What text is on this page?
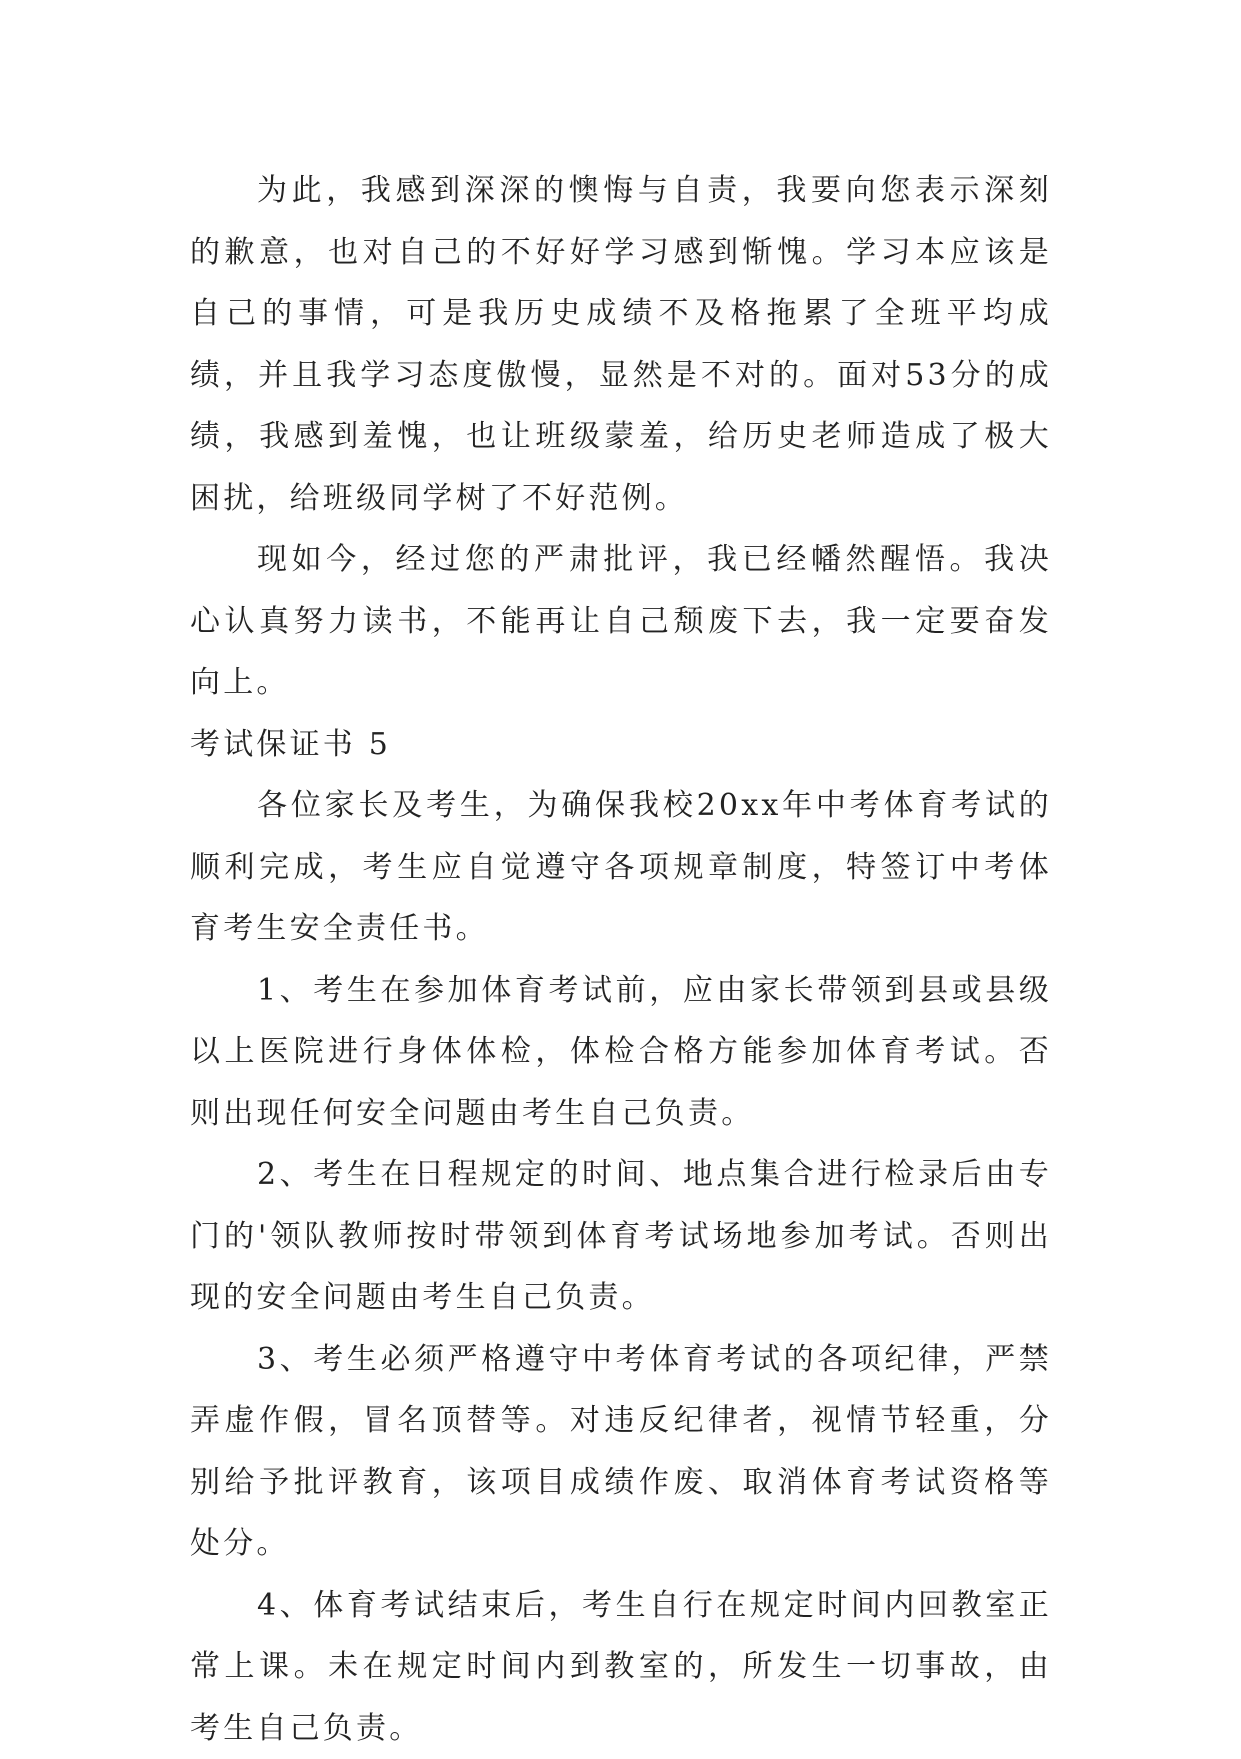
为此，我感到深深的懊悔与自责，我要向您表示深刻的歉意，也对自己的不好好学习感到惭愧。学习本应该是自己的事情，可是我历史成绩不及格拖累了全班平均成绩，并且我学习态度傲慢，显然是不对的。面对53分的成绩，我感到羞愧，也让班级蒙羞，给历史老师造成了极大困扰，给班级同学树了不好范例。

现如今，经过您的严肃批评，我已经幡然醒悟。我决心认真努力读书，不能再让自己颓废下去，我一定要奋发向上。

考试保证书 5

各位家长及考生，为确保我校20xx年中考体育考试的顺利完成，考生应自觉遵守各项规章制度，特签订中考体育考生安全责任书。

1、考生在参加体育考试前，应由家长带领到县或县级以上医院进行身体体检，体检合格方能参加体育考试。否则出现任何安全问题由考生自己负责。

2、考生在日程规定的时间、地点集合进行检录后由专门的'领队教师按时带领到体育考试场地参加考试。否则出现的安全问题由考生自己负责。

3、考生必须严格遵守中考体育考试的各项纪律，严禁弄虚作假，冒名顶替等。对违反纪律者，视情节轻重，分别给予批评教育，该项目成绩作废、取消体育考试资格等处分。

4、体育考试结束后，考生自行在规定时间内回教室正常上课。未在规定时间内到教室的，所发生一切事故，由考生自己负责。
